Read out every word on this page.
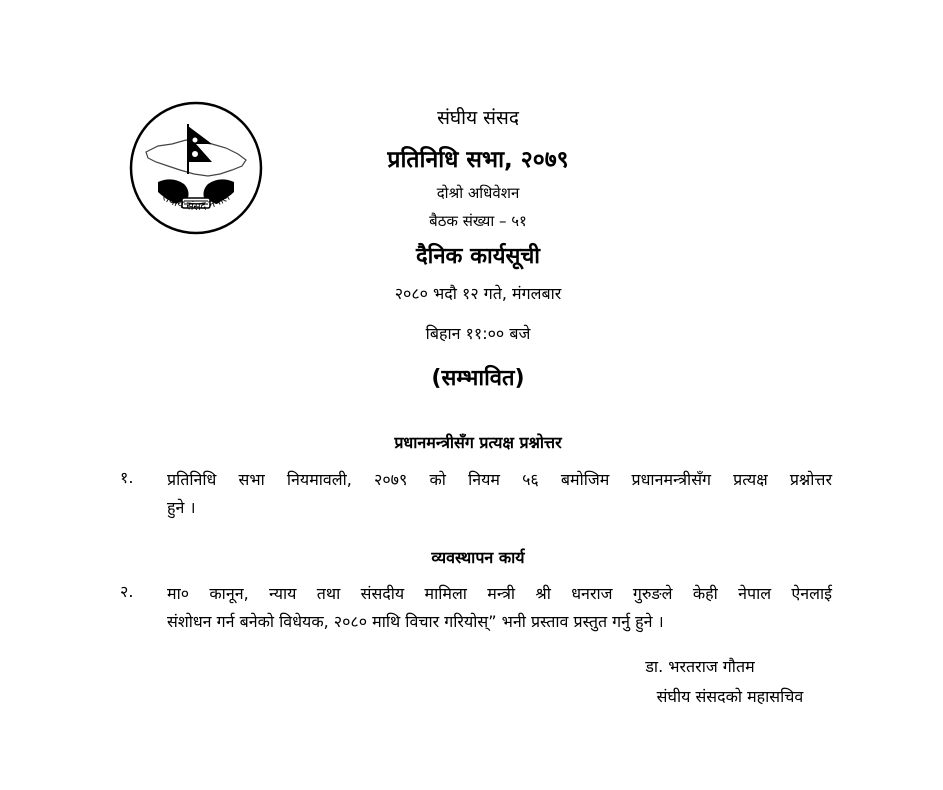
संघीय संसद नेपाल
संघीय संसद
प्रतिनिधि सभा, २०७९
दोश्रो अधिवेशन
बैठक संख्या – ५१
दैनिक कार्यसूची
२०८० भदौ १२ गते, मंगलबार
बिहान ११:०० बजे
(सम्भावित)
प्रधानमन्त्रीसँग प्रत्यक्ष प्रश्नोत्तर
१. प्रतिनिधि सभा नियमावली, २०७९ को नियम ५६ बमोजिम प्रधानमन्त्रीसँग प्रत्यक्ष प्रश्नोत्तर
हुने ।
व्यवस्थापन कार्य
२. मा० कानून, न्याय तथा संसदीय मामिला मन्त्री श्री धनराज गुरुङले केही नेपाल ऐनलाई
संशोधन गर्न बनेको विधेयक, २०८० माथि विचार गरियोस्” भनी प्रस्ताव प्रस्तुत गर्नु हुने ।
डा. भरतराज गौतम
संघीय संसदको महासचिव
